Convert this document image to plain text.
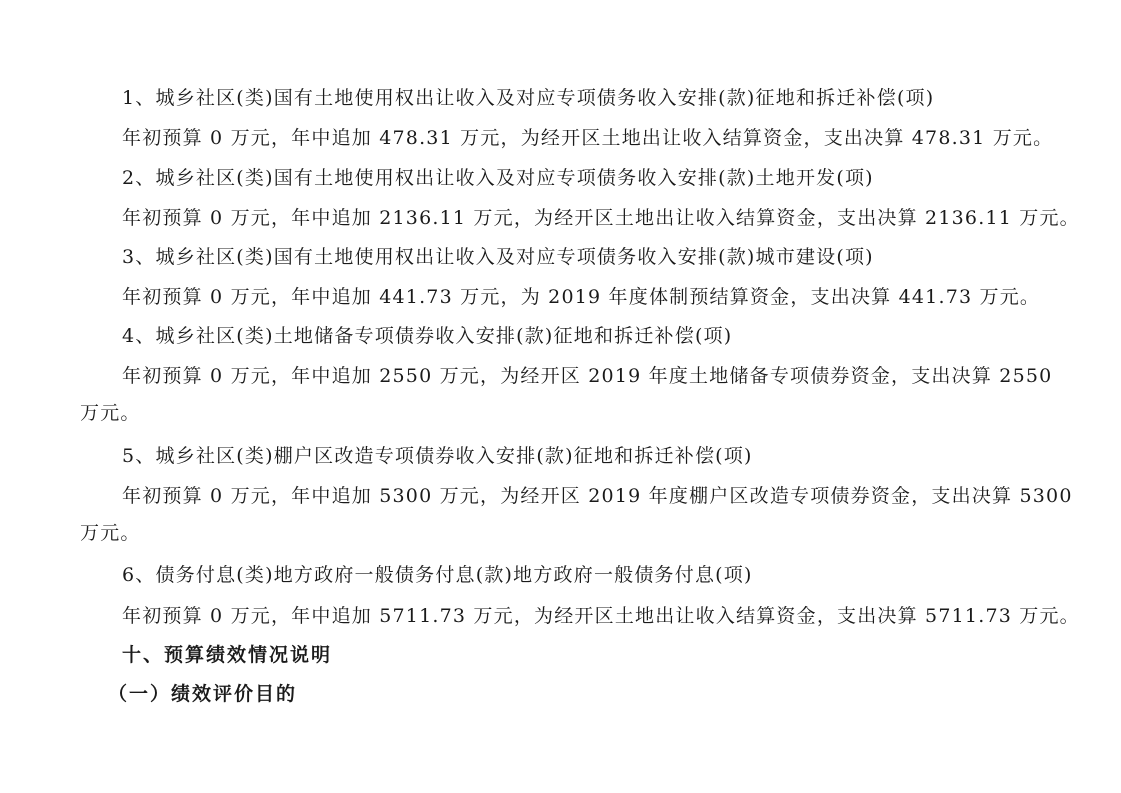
1、城乡社区(类)国有土地使用权出让收入及对应专项债务收入安排(款)征地和拆迁补偿(项)
年初预算 0 万元，年中追加 478.31 万元，为经开区土地出让收入结算资金，支出决算 478.31 万元。
2、城乡社区(类)国有土地使用权出让收入及对应专项债务收入安排(款)土地开发(项)
年初预算 0 万元，年中追加 2136.11 万元，为经开区土地出让收入结算资金，支出决算 2136.11 万元。
3、城乡社区(类)国有土地使用权出让收入及对应专项债务收入安排(款)城市建设(项)
年初预算 0 万元，年中追加 441.73 万元，为 2019 年度体制预结算资金，支出决算 441.73 万元。
4、城乡社区(类)土地储备专项债券收入安排(款)征地和拆迁补偿(项)
年初预算 0 万元，年中追加 2550 万元，为经开区 2019 年度土地储备专项债券资金，支出决算 2550
万元。
5、城乡社区(类)棚户区改造专项债券收入安排(款)征地和拆迁补偿(项)
年初预算 0 万元，年中追加 5300 万元，为经开区 2019 年度棚户区改造专项债券资金，支出决算 5300
万元。
6、债务付息(类)地方政府一般债务付息(款)地方政府一般债务付息(项)
年初预算 0 万元，年中追加 5711.73 万元，为经开区土地出让收入结算资金，支出决算 5711.73 万元。
十、预算绩效情况说明
（一）绩效评价目的
